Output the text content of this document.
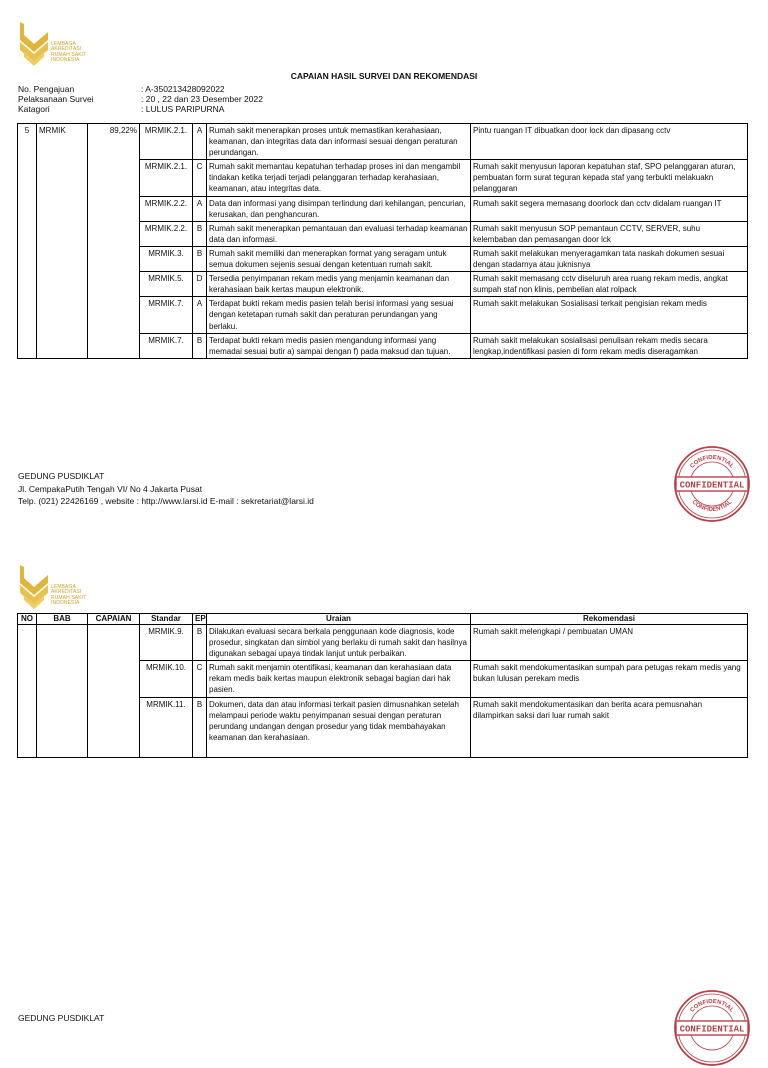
LEMBAGA
AKREDITASI
RUMAH SAKIT
INDONESIA
CAPAIAN HASIL SURVEI DAN REKOMENDASI
No. Pengajuan	: A-350213428092022
Pelaksanaan Survei	: 20 , 22 dan 23 Desember 2022
Katagori	: LULUS PARIPURNA
5	MRMIK	89,22%	MRMIK.2.1.	A	Rumah sakit menerapkan proses untuk memastikan kerahasiaan, keamanan, dan integritas data dan informasi sesuai dengan peraturan perundangan.	Pintu ruangan IT dibuatkan door lock dan dipasang cctv
			MRMIK.2.1.	C	Rumah sakit memantau kepatuhan terhadap proses ini dan mengambil tindakan ketika terjadi terjadi pelanggaran terhadap kerahasiaan, keamanan, atau integritas data.	Rumah sakit menyusun laporan kepatuhan staf, SPO pelanggaran aturan, pembuatan form surat teguran kepada staf yang terbukti melakuakn pelanggaran
			MRMIK.2.2.	A	Data dan informasi yang disimpan terlindung dari kehilangan, pencurian, kerusakan, dan penghancuran.	Rumah sakit segera memasang doorlock dan cctv didalam ruangan IT
			MRMIK.2.2.	B	Rumah sakit menerapkan pemantauan dan evaluasi terhadap keamanan data dan informasi.	Rumah sakit menyusun SOP pemantaun CCTV, SERVER, suhu kelembaban dan pemasangan door lck
			MRMIK.3.	B	Rumah sakit memiliki dan menerapkan format yang seragam untuk semua dokumen sejenis sesuai dengan ketentuan rumah sakit.	Rumah sakit melakukan menyeragamkan tata naskah dokumen sesuai dengan stadarnya atau juknisnya
			MRMIK.5.	D	Tersedia penyimpanan rekam medis yang menjamin keamanan dan kerahasiaan baik kertas maupun elektronik.	Rumah sakit memasang cctv diseluruh area ruang rekam medis, angkat sumpah staf non klinis, pembelian alat rolpack
			MRMIK.7.	A	Terdapat bukti rekam medis pasien telah berisi informasi yang sesuai dengan ketetapan rumah sakit dan peraturan perundangan yang berlaku.	Rumah sakit melakukan Sosialisasi terkait pengisian rekam medis
			MRMIK.7.	B	Terdapat bukti rekam medis pasien mengandung informasi yang memadai sesuai butir a) sampai dengan f) pada maksud dan tujuan.	Rumah sakit melakukan sosialisasi penulisan rekam medis secara lengkap,indentifikasi pasien di form rekam medis diseragamkan
GEDUNG PUSDIKLAT
Jl. CempakaPutih Tengah VI/ No 4 Jakarta Pusat
Telp. (021) 22426169 , website : http://www.larsi.id E-mail : sekretariat@larsi.id
CONFIDENTIAL
CONFIDENTIAL
CONFIDENTIAL
LEMBAGA
AKREDITASI
RUMAH SAKIT
INDONESIA
NO	BAB	CAPAIAN	Standar	EP	Uraian	Rekomendasi
			MRMIK.9.	B	Dilakukan evaluasi secara berkala penggunaan kode diagnosis, kode prosedur, singkatan dan simbol yang berlaku di rumah sakit dan hasilnya digunakan sebagai upaya tindak lanjut untuk perbaikan.	Rumah sakit melengkapi / pembuatan UMAN
			MRMIK.10.	C	Rumah sakit menjamin otentifikasi, keamanan dan kerahasiaan data rekam medis baik kertas maupun elektronik sebagai bagian dari hak pasien.	Rumah sakit mendokumentasikan sumpah para petugas rekam medis yang bukan lulusan perekam medis
			MRMIK.11.	B	Dokumen, data dan atau informasi terkait pasien dimusnahkan setelah melampaui periode waktu penyimpanan sesuai dengan peraturan perundang undangan dengan prosedur yang tidak membahayakan keamanan dan kerahasiaan.	Rumah sakit mendokumentasikan dan berita acara pemusnahan dilampirkan saksi dari luar rumah sakit
GEDUNG PUSDIKLAT
CONFIDENTIAL
CONFIDENTIAL
